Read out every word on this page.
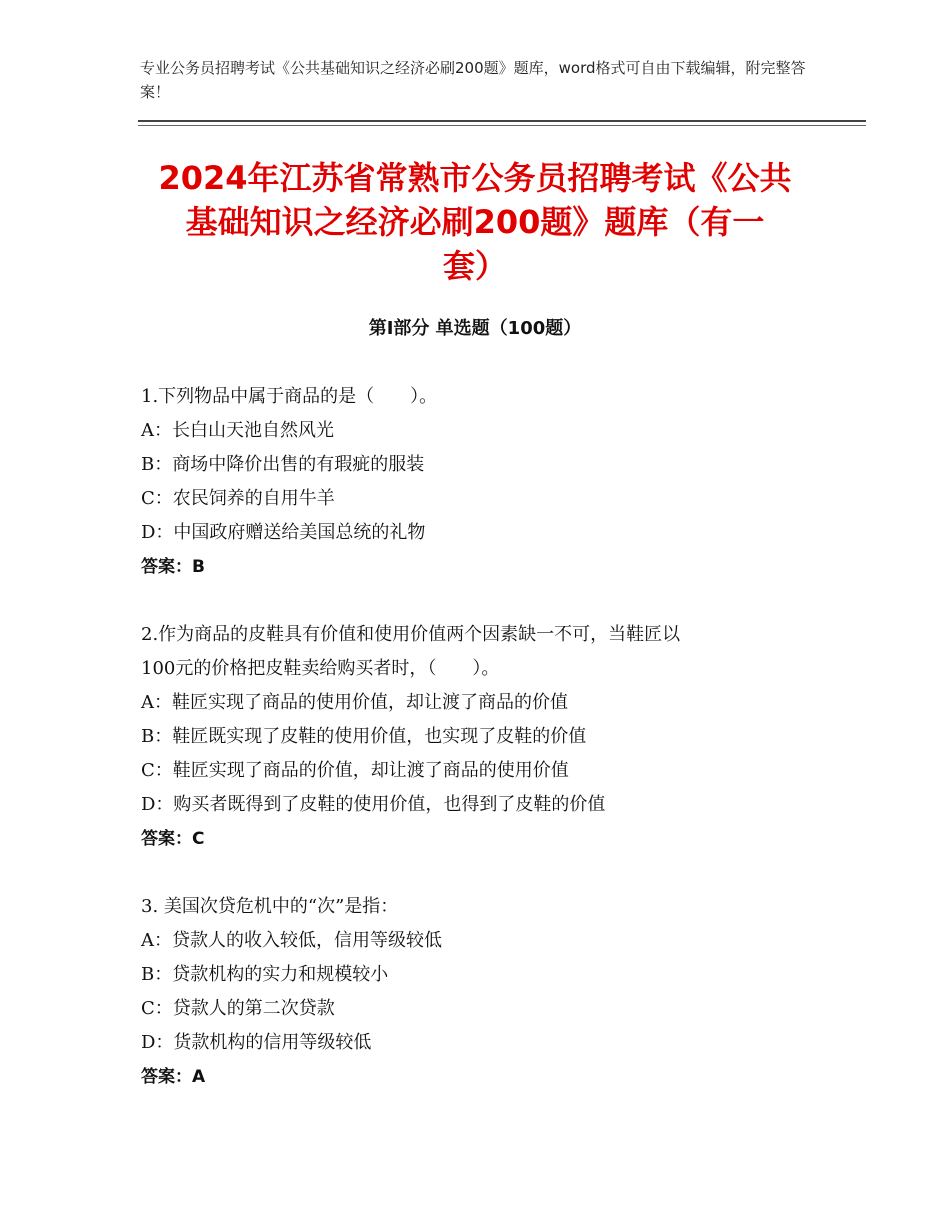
专业公务员招聘考试《公共基础知识之经济必刷200题》题库，word格式可自由下载编辑，附完整答案！
2024年江苏省常熟市公务员招聘考试《公共
基础知识之经济必刷200题》题库（有一
套）
第Ⅰ部分 单选题（100题）
1.下列物品中属于商品的是（　　）。
A：长白山天池自然风光
B：商场中降价出售的有瑕疵的服装
C：农民饲养的自用牛羊
D：中国政府赠送给美国总统的礼物
答案：B
2.作为商品的皮鞋具有价值和使用价值两个因素缺一不可，当鞋匠以
100元的价格把皮鞋卖给购买者时，（　　）。
A：鞋匠实现了商品的使用价值，却让渡了商品的价值
B：鞋匠既实现了皮鞋的使用价值，也实现了皮鞋的价值
C：鞋匠实现了商品的价值，却让渡了商品的使用价值
D：购买者既得到了皮鞋的使用价值，也得到了皮鞋的价值
答案：C
3. 美国次贷危机中的“次”是指：
A：贷款人的收入较低，信用等级较低
B：贷款机构的实力和规模较小
C：贷款人的第二次贷款
D：货款机构的信用等级较低
答案：A
